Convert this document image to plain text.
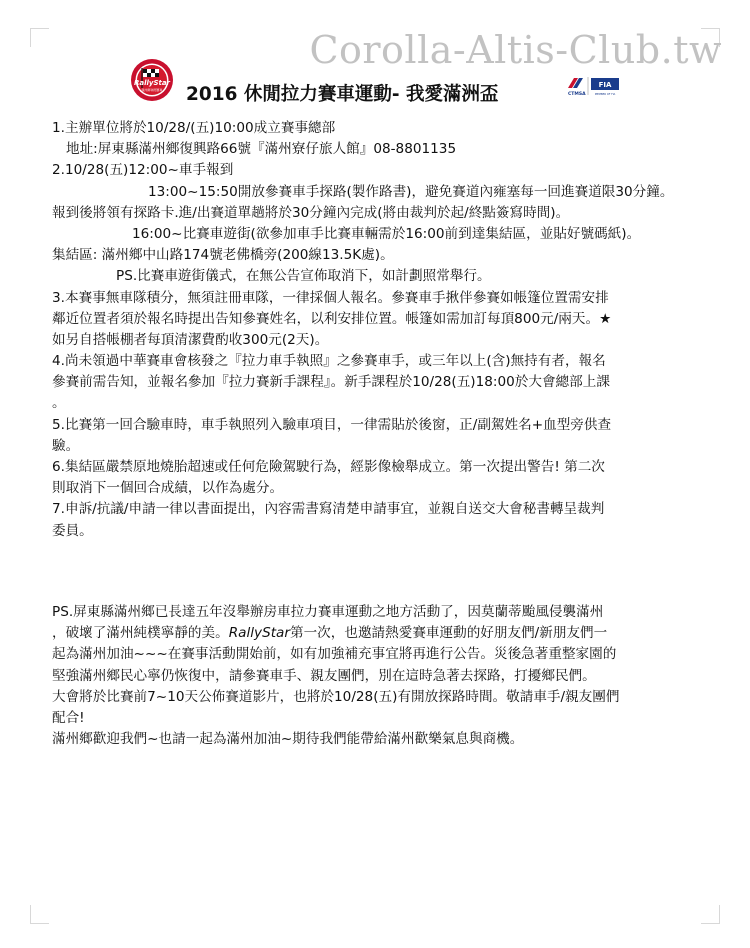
Corolla-Altis-Club.tw
RallyStar
滿州鄉休閒賽車
CTMSA
FIA
MEMBER OF FIA
2016 休閒拉力賽車運動- 我愛滿洲盃
1.主辦單位將於10/28/(五)10:00成立賽事總部
地址:屏東縣滿州鄉復興路66號『滿州寮仔旅人館』08-8801135
2.10/28(五)12:00~車手報到
13:00~15:50開放參賽車手探路(製作路書)，避免賽道內雍塞每一回進賽道限30分鐘。
報到後將領有探路卡.進/出賽道單趟將於30分鐘內完成(將由裁判於起/終點簽寫時間)。
16:00~比賽車遊街(欲參加車手比賽車輛需於16:00前到達集結區，並貼好號碼紙)。
集結區: 滿州鄉中山路174號老佛橋旁(200線13.5K處)。
PS.比賽車遊街儀式，在無公告宣佈取消下，如計劃照常舉行。
3.本賽事無車隊積分，無須註冊車隊，一律採個人報名。參賽車手揪伴參賽如帳篷位置需安排
鄰近位置者須於報名時提出告知參賽姓名，以利安排位置。帳篷如需加訂每頂800元/兩天。★
如另自搭帳棚者每頂清潔費酌收300元(2天)。
4.尚未領過中華賽車會核發之『拉力車手執照』之參賽車手，或三年以上(含)無持有者，報名
參賽前需告知，並報名參加『拉力賽新手課程』。新手課程於10/28(五)18:00於大會總部上課
。
5.比賽第一回合驗車時，車手執照列入驗車項目，一律需貼於後窗，正/副駕姓名+血型旁供查
驗。
6.集結區嚴禁原地燒胎超速或任何危險駕駛行為，經影像檢舉成立。第一次提出警告! 第二次
則取消下一個回合成績，以作為處分。
7.申訴/抗議/申請一律以書面提出，內容需書寫清楚申請事宜，並親自送交大會秘書轉呈裁判
委員。
PS.屏東縣滿州鄉已長達五年沒舉辦房車拉力賽車運動之地方活動了，因莫蘭蒂颱風侵襲滿州
，破壞了滿州純樸寧靜的美。RallyStar第一次，也邀請熱愛賽車運動的好朋友們/新朋友們一
起為滿州加油~~~在賽事活動開始前，如有加強補充事宜將再進行公告。災後急著重整家園的
堅強滿州鄉民心寧仍恢復中，請參賽車手、親友團們，別在這時急著去探路，打擾鄉民們。
大會將於比賽前7~10天公佈賽道影片，也將於10/28(五)有開放探路時間。敬請車手/親友團們
配合!
滿州鄉歡迎我們~也請一起為滿州加油~期待我們能帶給滿州歡樂氣息與商機。
